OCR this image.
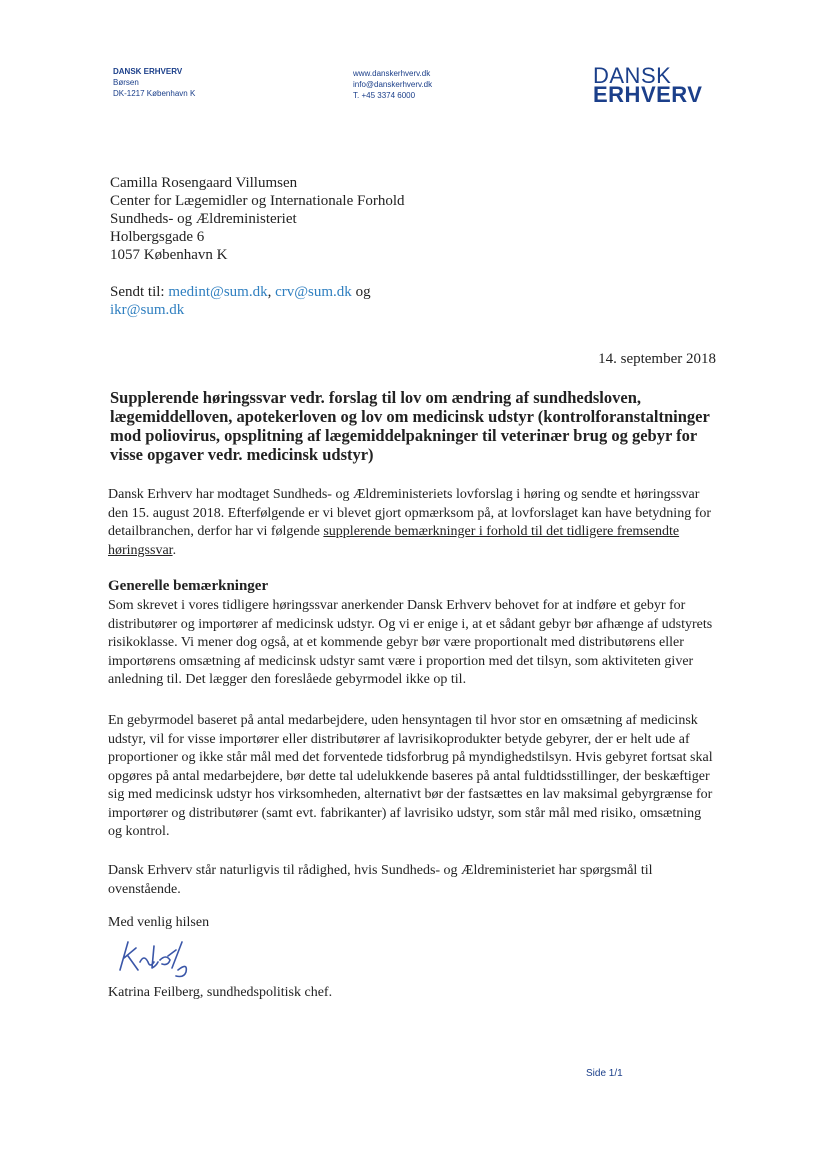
DANSK ERHVERV
Børsen
DK-1217 København K
www.danskerhverv.dk
info@danskerhverv.dk
T. +45 3374 6000
DANSK
ERHVERV
Camilla Rosengaard Villumsen
Center for Lægemidler og Internationale Forhold
Sundheds- og Ældreministeriet
Holbergsgade 6
1057 København K
Sendt til: medint@sum.dk, crv@sum.dk og
ikr@sum.dk
14. september 2018
Supplerende høringssvar vedr. forslag til lov om ændring af sundhedsloven, lægemiddelloven, apotekerloven og lov om medicinsk udstyr (kontrolforanstaltninger mod poliovirus, opsplitning af lægemiddelpakninger til veterinær brug og gebyr for visse opgaver vedr. medicinsk udstyr)
Dansk Erhverv har modtaget Sundheds- og Ældreministeriets lovforslag i høring og sendte et høringssvar den 15. august 2018. Efterfølgende er vi blevet gjort opmærksom på, at lovforslaget kan have betydning for detailbranchen, derfor har vi følgende supplerende bemærkninger i forhold til det tidligere fremsendte høringssvar.
Generelle bemærkninger
Som skrevet i vores tidligere høringssvar anerkender Dansk Erhverv behovet for at indføre et gebyr for distributører og importører af medicinsk udstyr. Og vi er enige i, at et sådant gebyr bør afhænge af udstyrets risikoklasse. Vi mener dog også, at et kommende gebyr bør være proportionalt med distributørens eller importørens omsætning af medicinsk udstyr samt være i proportion med det tilsyn, som aktiviteten giver anledning til. Det lægger den foreslåede gebyrmodel ikke op til.
En gebyrmodel baseret på antal medarbejdere, uden hensyntagen til hvor stor en omsætning af medicinsk udstyr, vil for visse importører eller distributører af lavrisikoprodukter betyde gebyrer, der er helt ude af proportioner og ikke står mål med det forventede tidsforbrug på myndighedstilsyn. Hvis gebyret fortsat skal opgøres på antal medarbejdere, bør dette tal udelukkende baseres på antal fuldtidsstillinger, der beskæftiger sig med medicinsk udstyr hos virksomheden, alternativt bør der fastsættes en lav maksimal gebyrgrænse for importører og distributører (samt evt. fabrikanter) af lavrisiko udstyr, som står mål med risiko, omsætning og kontrol.
Dansk Erhverv står naturligvis til rådighed, hvis Sundheds- og Ældreministeriet har spørgsmål til ovenstående.
Med venlig hilsen
Katrina Feilberg, sundhedspolitisk chef.
Side 1/1
